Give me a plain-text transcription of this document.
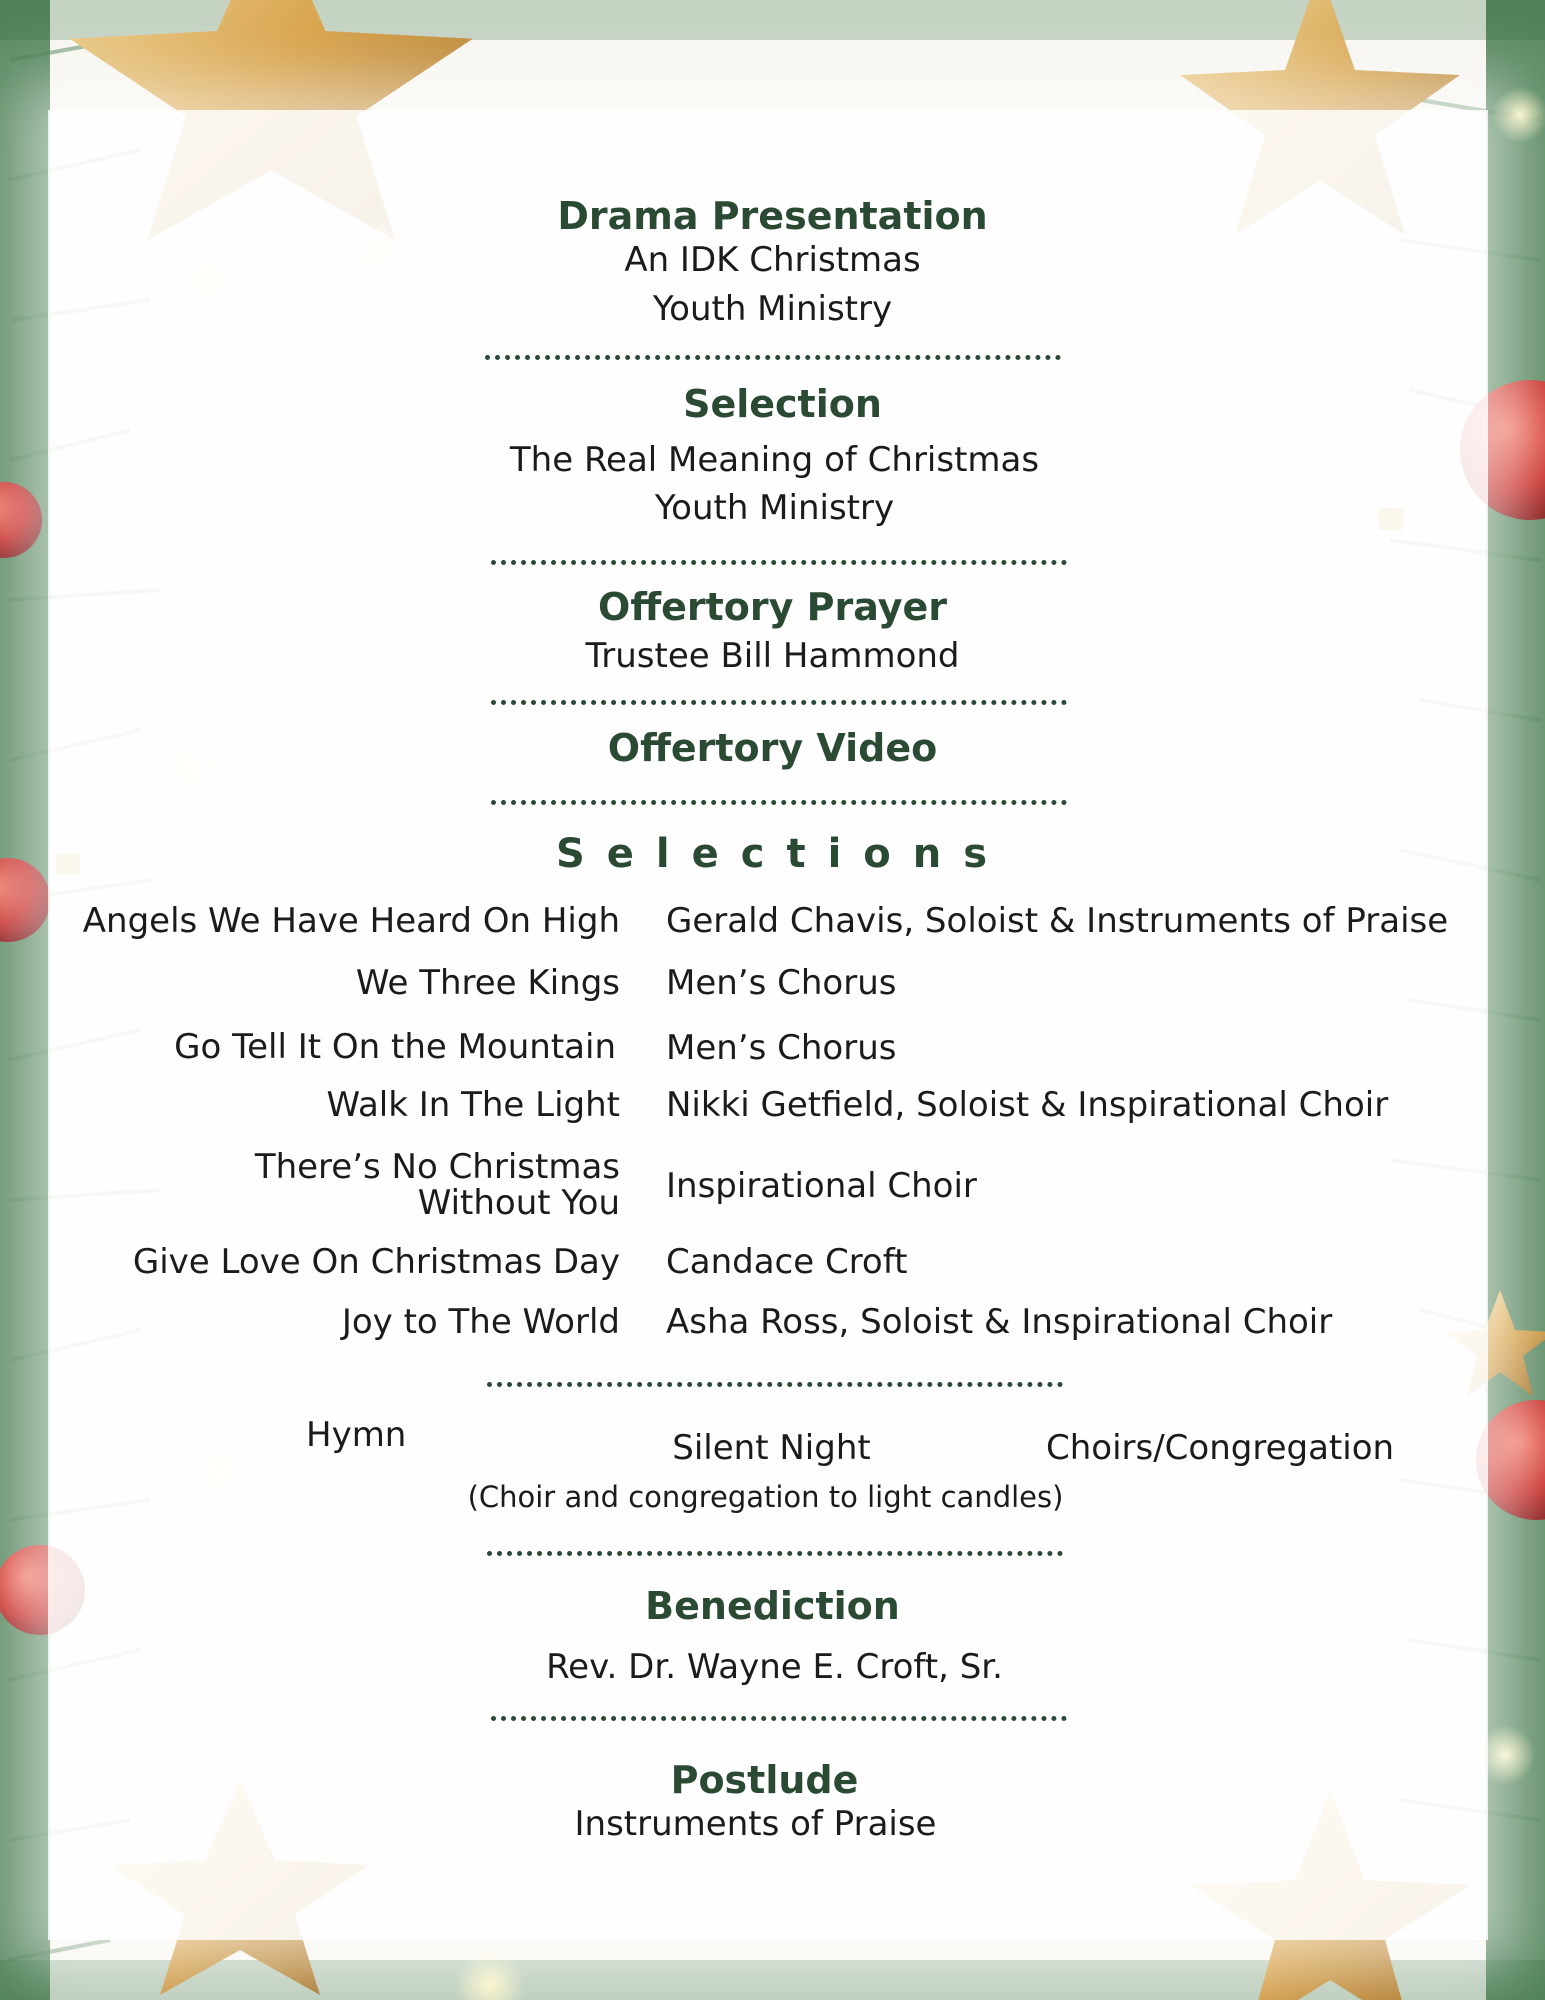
Drama Presentation
An IDK Christmas
Youth Ministry
Selection
The Real Meaning of Christmas
Youth Ministry
Offertory Prayer
Trustee Bill Hammond
Offertory Video
Selections
Angels We Have Heard On High Gerald Chavis, Soloist & Instruments of Praise
We Three Kings Men’s Chorus
Go Tell It On the Mountain Men’s Chorus
Walk In The Light Nikki Getfield, Soloist & Inspirational Choir
There’s No Christmas
Without You Inspirational Choir
Give Love On Christmas Day Candace Croft
Joy to The World Asha Ross, Soloist & Inspirational Choir
Hymn	Silent Night	Choirs/Congregation
(Choir and congregation to light candles)
Benediction
Rev. Dr. Wayne E. Croft, Sr.
Postlude
Instruments of Praise
